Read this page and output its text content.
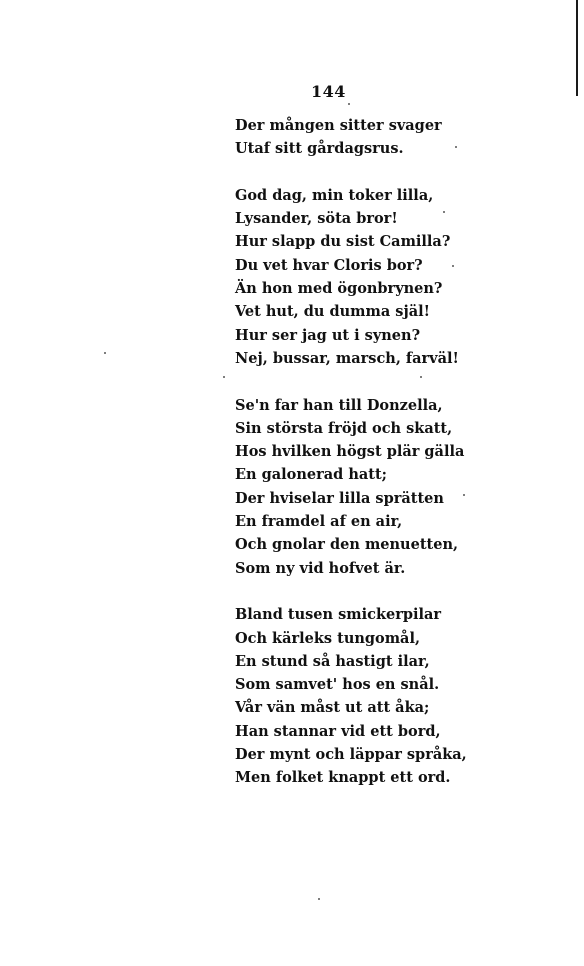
144
Der mången sitter svager
Utaf sitt gårdagsrus.
God dag, min toker lilla,
Lysander, söta bror!
Hur slapp du sist Camilla?
Du vet hvar Cloris bor?
Än hon med ögonbrynen?
Vet hut, du dumma själ!
Hur ser jag ut i synen?
Nej, bussar, marsch, farväl!
Se'n far han till Donzella,
Sin största fröjd och skatt,
Hos hvilken högst plär gälla
En galonerad hatt;
Der hviselar lilla sprätten
En framdel af en air,
Och gnolar den menuetten,
Som ny vid hofvet är.
Bland tusen smickerpilar
Och kärleks tungomål,
En stund så hastigt ilar,
Som samvet' hos en snål.
Vår vän måst ut att åka;
Han stannar vid ett bord,
Der mynt och läppar språka,
Men folket knappt ett ord.
